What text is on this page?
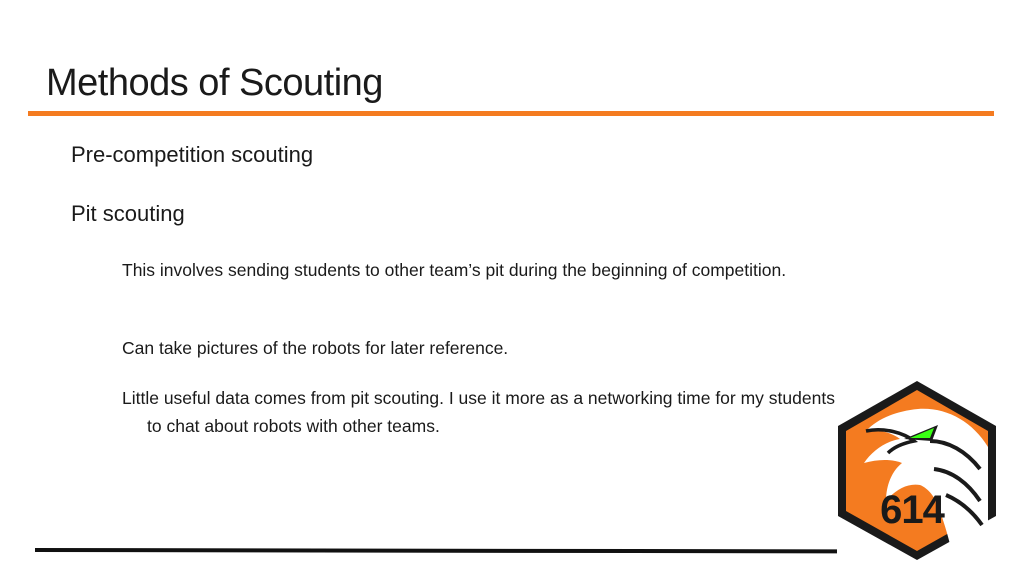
Methods of Scouting
Pre-competition scouting
Pit scouting
This involves sending students to other team’s pit during the beginning of competition.
Can take pictures of the robots for later reference.
Little useful data comes from pit scouting. I use it more as a networking time for my students to chat about robots with other teams.
614
